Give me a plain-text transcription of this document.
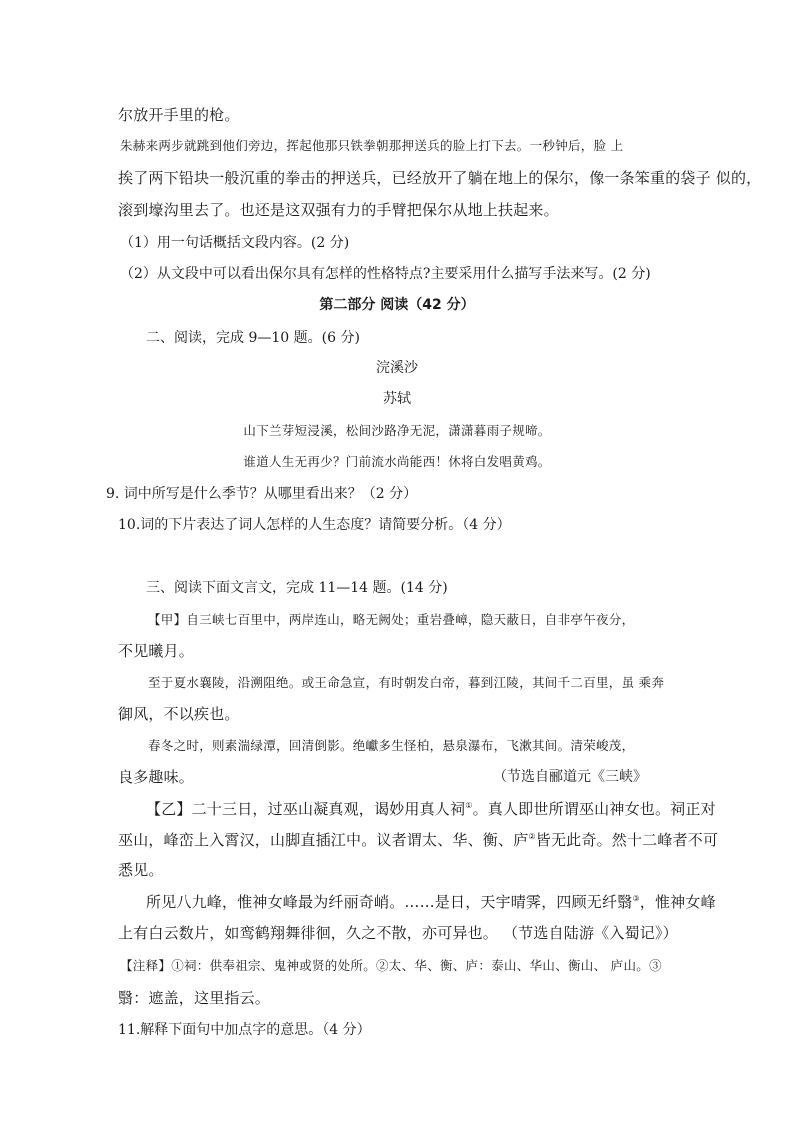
尔放开手里的枪。
朱赫来两步就跳到他们旁边，挥起他那只铁拳朝那押送兵的脸上打下去。一秒钟后，脸 上
挨了两下铅块一般沉重的拳击的押送兵，已经放开了躺在地上的保尔，像一条笨重的袋子 似的，
滚到壕沟里去了。也还是这双强有力的手臂把保尔从地上扶起来。
（1）用一句话概括文段内容。(2 分)
（2）从文段中可以看出保尔具有怎样的性格特点?主要采用什么描写手法来写。(2 分)
第二部分 阅读（42 分）
二、阅读，完成 9—10 题。(6 分)
浣溪沙
苏轼
山下兰芽短浸溪，松间沙路净无泥，潇潇暮雨子规啼。
谁道人生无再少？门前流水尚能西！休将白发唱黄鸡。
9. 词中所写是什么季节？从哪里看出来？（2 分）
10.词的下片表达了词人怎样的人生态度？请简要分析。（4 分）
三、阅读下面文言文，完成 11—14 题。(14 分)
【甲】自三峡七百里中，两岸连山，略无阙处；重岩叠嶂，隐天蔽日，自非亭午夜分，
不见曦月。
至于夏水襄陵，沿溯阻绝。或王命急宣，有时朝发白帝，暮到江陵，其间千二百里，虽 乘奔
御风，不以疾也。
春冬之时，则素湍绿潭，回清倒影。绝巘多生怪柏，悬泉瀑布，飞漱其间。清荣峻茂，
良多趣味。	（节选自郦道元《三峡》
【乙】二十三日，过巫山凝真观，谒妙用真人祠①。真人即世所谓巫山神女也。祠正对
巫山，峰峦上入霄汉，山脚直插江中。议者谓太、华、衡、庐②皆无此奇。然十二峰者不可
悉见。
所见八九峰，惟神女峰最为纤丽奇峭。……是日，天宇晴霁，四顾无纤翳③，惟神女峰
上有白云数片，如鸾鹤翔舞徘徊，久之不散，亦可异也。 （节选自陆游《入蜀记》）
【注释】①祠：供奉祖宗、鬼神或贤的处所。②太、华、衡、庐：泰山、华山、衡山、 庐山。③
翳：遮盖，这里指云。
11.解释下面句中加点字的意思。（4 分）
